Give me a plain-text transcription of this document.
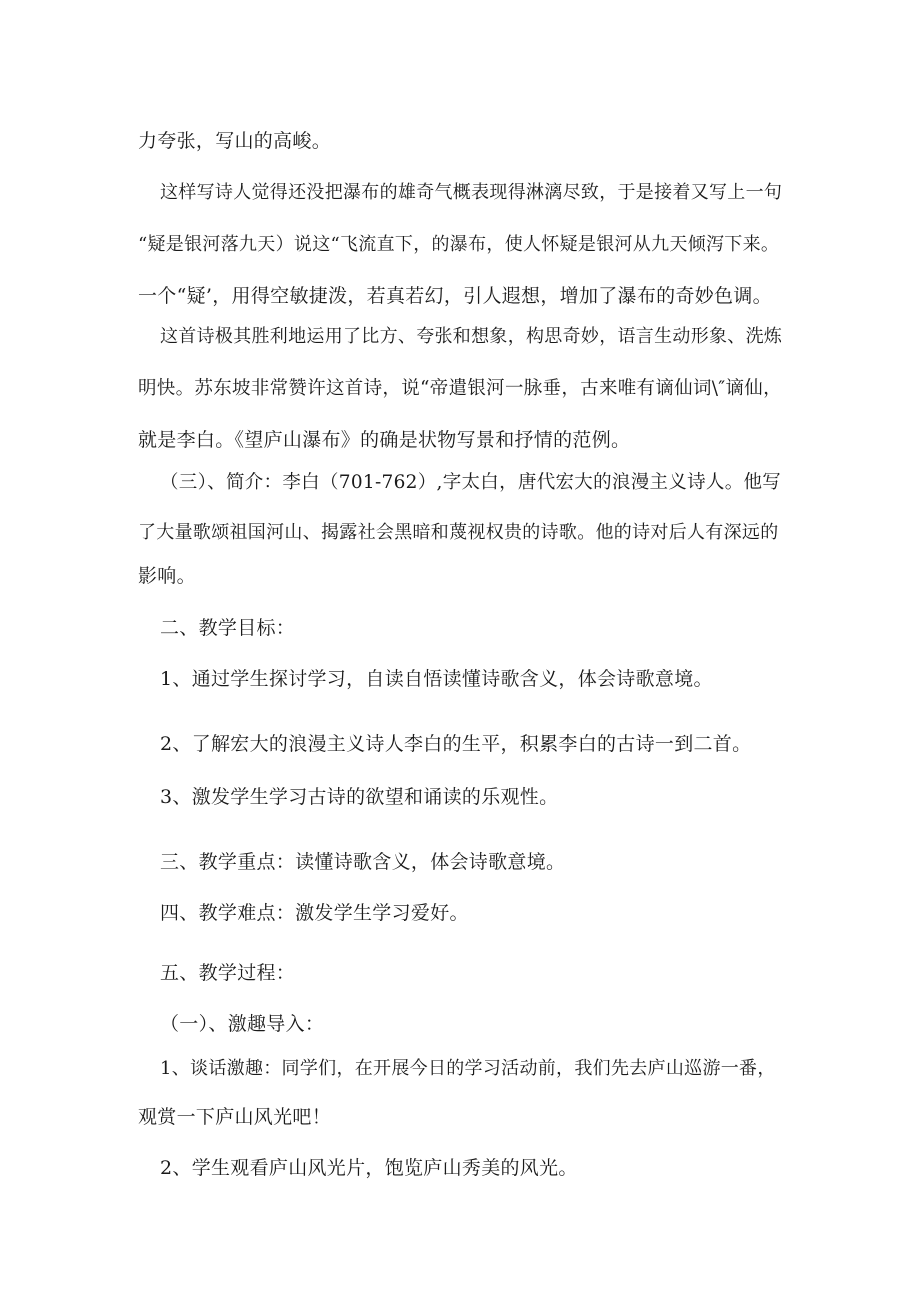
力夸张，写山的高峻。
这样写诗人觉得还没把瀑布的雄奇气概表现得淋漓尽致，于是接着又写上一句
“疑是银河落九天）说这“飞流直下，的瀑布，使人怀疑是银河从九天倾泻下来。
一个“疑’，用得空敏捷泼，若真若幻，引人遐想，增加了瀑布的奇妙色调。
这首诗极其胜利地运用了比方、夸张和想象，构思奇妙，语言生动形象、洗炼
明快。苏东坡非常赞许这首诗，说“帝遣银河一脉垂，古来唯有谪仙词\″谪仙，
就是李白。《望庐山瀑布》的确是状物写景和抒情的范例。
（三）、简介：李白（701-762）,字太白，唐代宏大的浪漫主义诗人。他写
了大量歌颂祖国河山、揭露社会黑暗和蔑视权贵的诗歌。他的诗对后人有深远的
影响。
二、教学目标：
1、通过学生探讨学习，自读自悟读懂诗歌含义，体会诗歌意境。
2、了解宏大的浪漫主义诗人李白的生平，积累李白的古诗一到二首。
3、激发学生学习古诗的欲望和诵读的乐观性。
三、教学重点：读懂诗歌含义，体会诗歌意境。
四、教学难点：激发学生学习爱好。
五、教学过程：
（一）、激趣导入：
1、谈话激趣：同学们，在开展今日的学习活动前，我们先去庐山巡游一番，
观赏一下庐山风光吧！
2、学生观看庐山风光片，饱览庐山秀美的风光。
